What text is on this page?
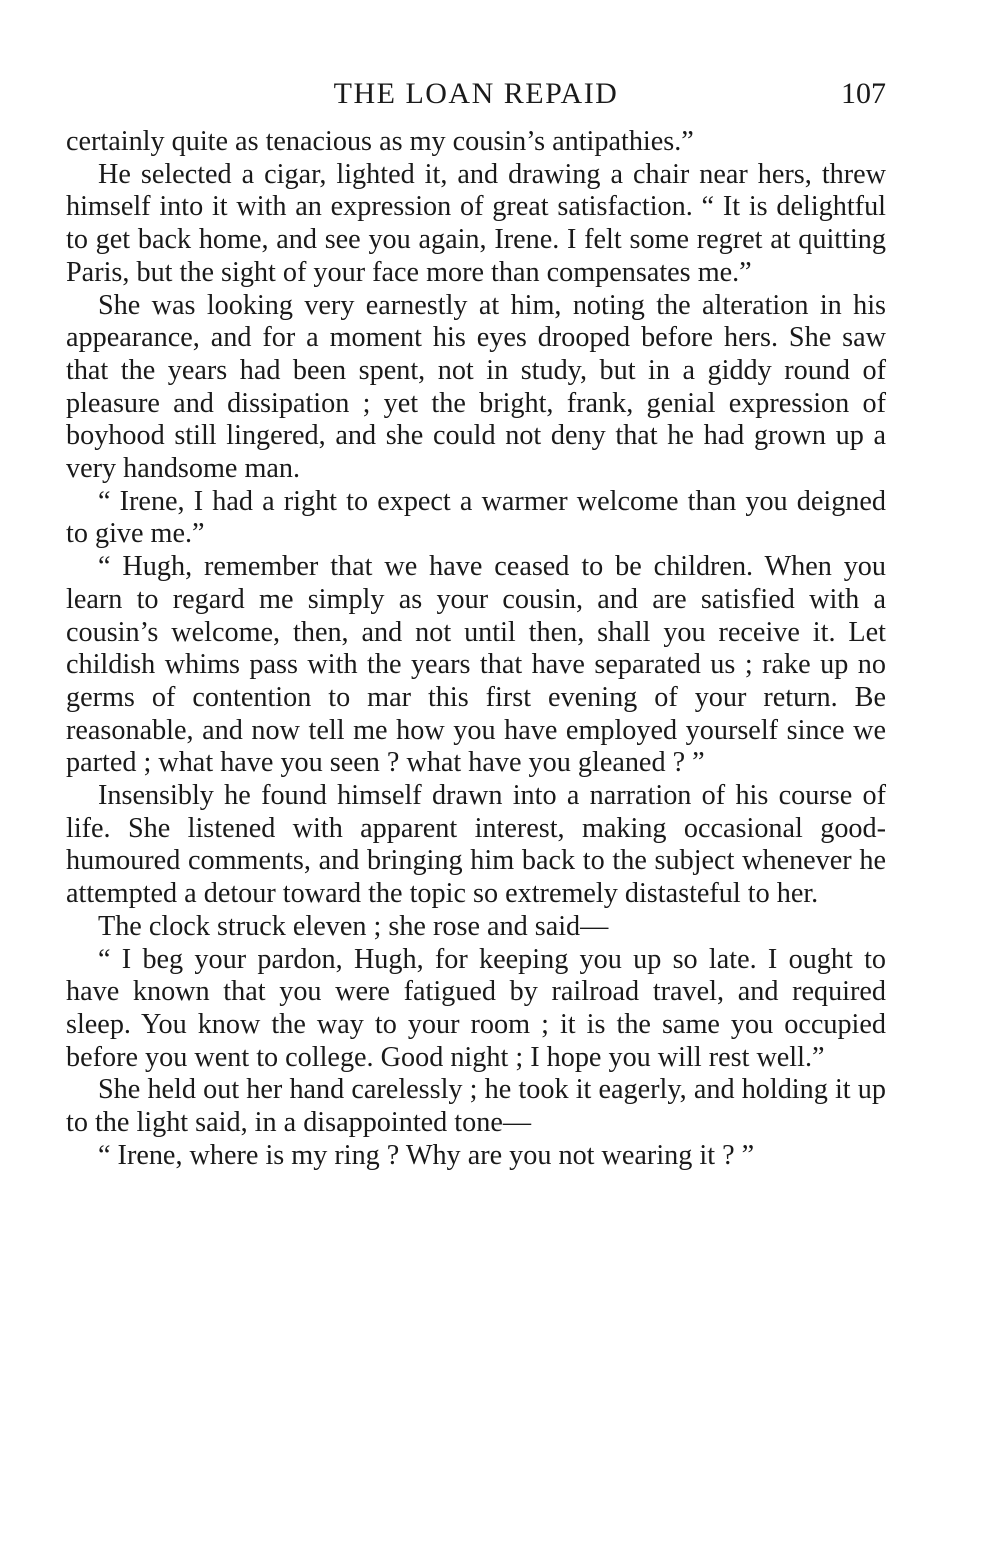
THE LOAN REPAID	107

certainly quite as tenacious as my cousin’s antipathies.”

He selected a cigar, lighted it, and drawing a chair near hers, threw himself into it with an expression of great satisfaction. “ It is delightful to get back home, and see you again, Irene. I felt some regret at quitting Paris, but the sight of your face more than compensates me.”

She was looking very earnestly at him, noting the alteration in his appearance, and for a moment his eyes drooped before hers. She saw that the years had been spent, not in study, but in a giddy round of pleasure and dissipation ; yet the bright, frank, genial expression of boyhood still lingered, and she could not deny that he had grown up a very handsome man.

“ Irene, I had a right to expect a warmer welcome than you deigned to give me.”

“ Hugh, remember that we have ceased to be children. When you learn to regard me simply as your cousin, and are satisfied with a cousin’s welcome, then, and not until then, shall you receive it. Let childish whims pass with the years that have separated us ; rake up no germs of contention to mar this first evening of your return. Be reasonable, and now tell me how you have employed yourself since we parted ; what have you seen ? what have you gleaned ? ”

Insensibly he found himself drawn into a narration of his course of life. She listened with apparent interest, making occasional good-humoured comments, and bringing him back to the subject whenever he attempted a detour toward the topic so extremely distasteful to her.

The clock struck eleven ; she rose and said—

“ I beg your pardon, Hugh, for keeping you up so late. I ought to have known that you were fatigued by railroad travel, and required sleep. You know the way to your room ; it is the same you occupied before you went to college. Good night ; I hope you will rest well.”

She held out her hand carelessly ; he took it eagerly, and holding it up to the light said, in a disappointed tone—

“ Irene, where is my ring ? Why are you not wearing it ? ”
